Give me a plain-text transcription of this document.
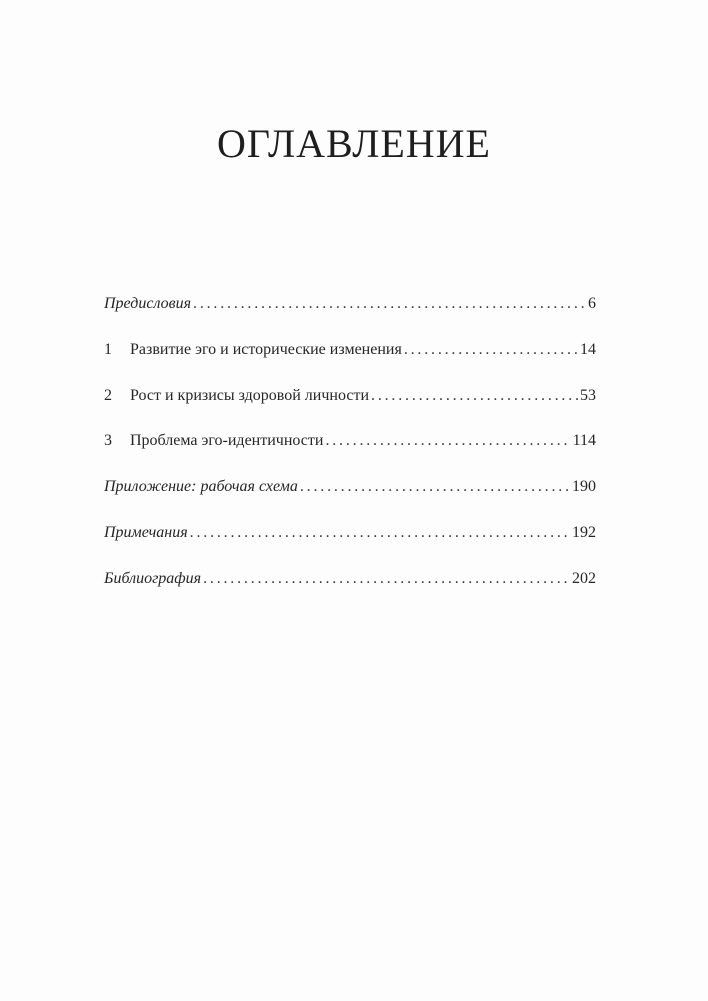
ОГЛАВЛЕНИЕ
Предисловия . . .	6
1	Развитие эго и исторические изменения . . .	14
2	Рост и кризисы здоровой личности . . .	53
3	Проблема эго-идентичности . . .	114
Приложение: рабочая схема . . .	190
Примечания . . .	192
Библиография . . .	202
